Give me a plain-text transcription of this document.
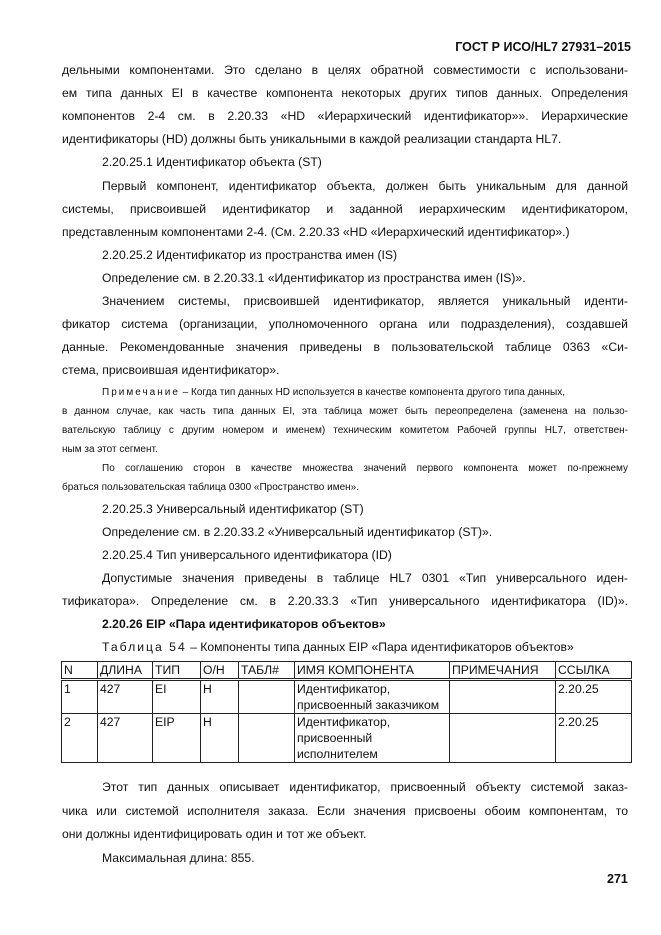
ГОСТ Р ИСО/HL7 27931–2015
дельными компонентами. Это сделано в целях обратной совместимости с использовани-
ем типа данных EI в качестве компонента некоторых других типов данных. Определения
компонентов 2-4 см. в 2.20.33 «HD «Иерархический идентификатор»». Иерархические
идентификаторы (HD) должны быть уникальными в каждой реализации стандарта HL7.
2.20.25.1 Идентификатор объекта (ST)
Первый компонент, идентификатор объекта, должен быть уникальным для данной
системы, присвоившей идентификатор и заданной иерархическим идентификатором,
представленным компонентами 2-4. (См. 2.20.33 «HD «Иерархический идентификатор».)
2.20.25.2 Идентификатор из пространства имен (IS)
Определение см. в 2.20.33.1 «Идентификатор из пространства имен (IS)».
Значением системы, присвоившей идентификатор, является уникальный иденти-
фикатор система (организации, уполномоченного органа или подразделения), создавшей
данные. Рекомендованные значения приведены в пользовательской таблице 0363 «Си-
стема, присвоившая идентификатор».
Примечание – Когда тип данных HD используется в качестве компонента другого типа данных,
в данном случае, как часть типа данных EI, эта таблица может быть переопределена (заменена на пользо-
вательскую таблицу с другим номером и именем) техническим комитетом Рабочей группы HL7, ответствен-
ным за этот сегмент.
По соглашению сторон в качестве множества значений первого компонента может по-прежнему
браться пользовательская таблица 0300 «Пространство имен».
2.20.25.3 Универсальный идентификатор (ST)
Определение см. в 2.20.33.2 «Универсальный идентификатор (ST)».
2.20.25.4 Тип универсального идентификатора (ID)
Допустимые значения приведены в таблице HL7 0301 «Тип универсального иден-
тификатора». Определение см. в 2.20.33.3 «Тип универсального идентификатора (ID)».
2.20.26 EIP «Пара идентификаторов объектов»
Таблица 54 – Компоненты типа данных EIP «Пара идентификаторов объектов»
N	ДЛИНА	ТИП	О/Н	ТАБЛ#	ИМЯ КОМПОНЕНТА	ПРИМЕЧАНИЯ	ССЫЛКА
1	427	EI	Н		Идентификатор, присвоенный заказчиком		2.20.25
2	427	EIP	Н		Идентификатор, присвоенный исполнителем		2.20.25
Этот тип данных описывает идентификатор, присвоенный объекту системой заказ-
чика или системой исполнителя заказа. Если значения присвоены обоим компонентам, то
они должны идентифицировать один и тот же объект.
Максимальная длина: 855.
271
